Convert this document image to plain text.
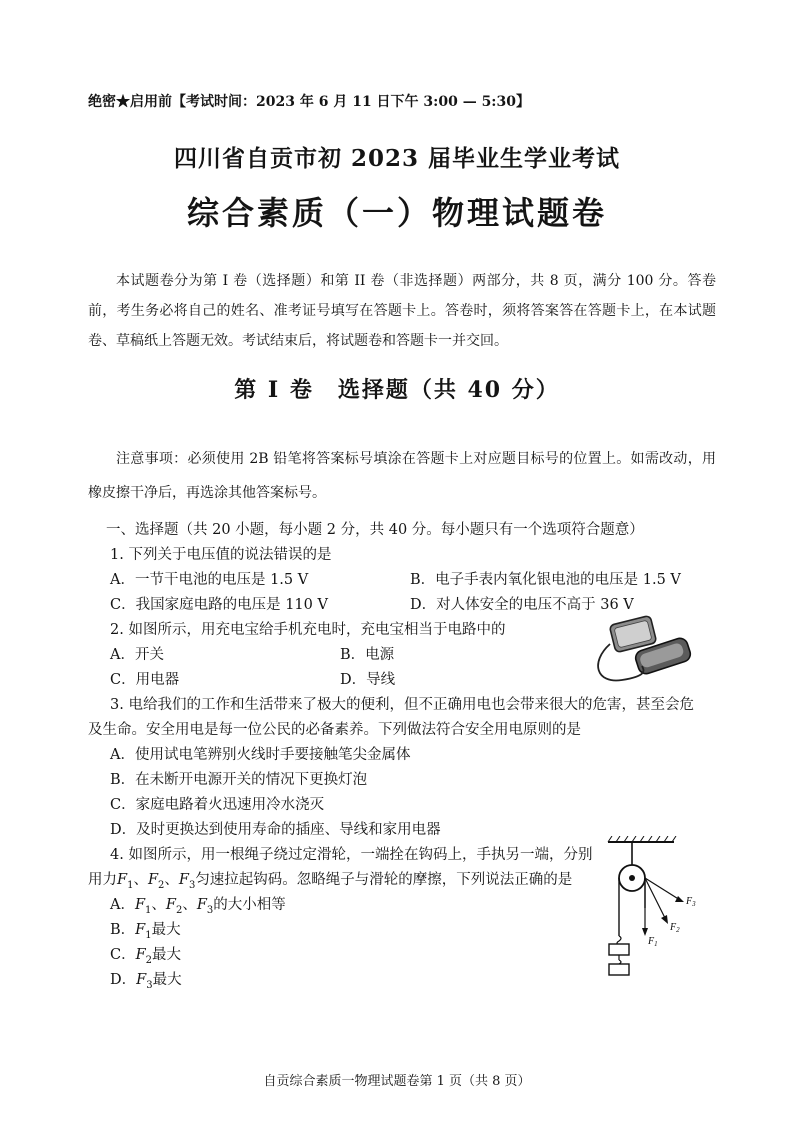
绝密★启用前【考试时间：2023 年 6 月 11 日下午 3:00 — 5:30】
四川省自贡市初 2023 届毕业生学业考试
综合素质（一）物理试题卷
本试题卷分为第 I 卷（选择题）和第 II 卷（非选择题）两部分，共 8 页，满分 100 分。答卷前，考生务必将自己的姓名、准考证号填写在答题卡上。答卷时，须将答案答在答题卡上，在本试题卷、草稿纸上答题无效。考试结束后，将试题卷和答题卡一并交回。
第 I 卷　选择题（共 40 分）
注意事项：必须使用 2B 铅笔将答案标号填涂在答题卡上对应题目标号的位置上。如需改动，用橡皮擦干净后，再选涂其他答案标号。
一、选择题（共 20 小题，每小题 2 分，共 40 分。每小题只有一个选项符合题意）
1. 下列关于电压值的说法错误的是
A．一节干电池的电压是 1.5 V	B．电子手表内氧化银电池的电压是 1.5 V
C．我国家庭电路的电压是 110 V	D．对人体安全的电压不高于 36 V
2. 如图所示，用充电宝给手机充电时，充电宝相当于电路中的
A．开关	B．电源
C．用电器	D．导线
3. 电给我们的工作和生活带来了极大的便利，但不正确用电也会带来很大的危害，甚至会危
及生命。安全用电是每一位公民的必备素养。下列做法符合安全用电原则的是
A．使用试电笔辨别火线时手要接触笔尖金属体
B．在未断开电源开关的情况下更换灯泡
C．家庭电路着火迅速用冷水浇灭
D．及时更换达到使用寿命的插座、导线和家用电器
4. 如图所示，用一根绳子绕过定滑轮，一端拴在钩码上，手执另一端，分别
用力$F_1$、$F_2$、$F_3$匀速拉起钩码。忽略绳子与滑轮的摩擦，下列说法正确的是
A．$F_1$、$F_2$、$F_3$的大小相等
B．$F_1$最大
C．$F_2$最大
D．$F_3$最大
$F_1$
$F_2$
$F_3$
自贡综合素质一物理试题卷第 1 页（共 8 页）
